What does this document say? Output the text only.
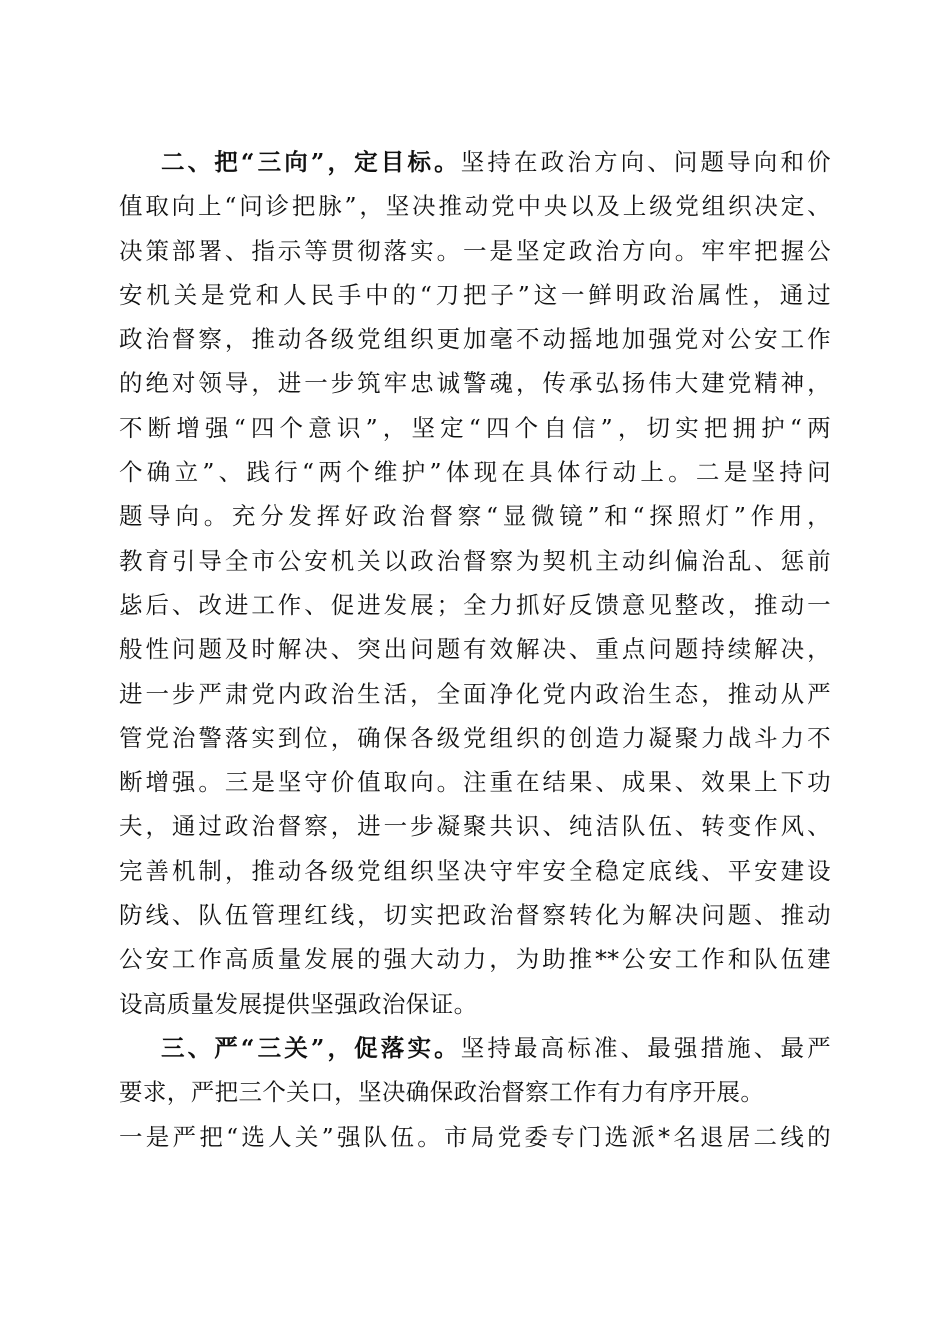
二、把“三向”，定目标。坚持在政治方向、问题导向和价
值取向上“问诊把脉”，坚决推动党中央以及上级党组织决定、
决策部署、指示等贯彻落实。一是坚定政治方向。牢牢把握公
安机关是党和人民手中的“刀把子”这一鲜明政治属性，通过
政治督察，推动各级党组织更加毫不动摇地加强党对公安工作
的绝对领导，进一步筑牢忠诚警魂，传承弘扬伟大建党精神，
不断增强“四个意识”，坚定“四个自信”，切实把拥护“两
个确立”、践行“两个维护”体现在具体行动上。二是坚持问
题导向。充分发挥好政治督察“显微镜”和“探照灯”作用，
教育引导全市公安机关以政治督察为契机主动纠偏治乱、惩前
毖后、改进工作、促进发展；全力抓好反馈意见整改，推动一
般性问题及时解决、突出问题有效解决、重点问题持续解决，
进一步严肃党内政治生活，全面净化党内政治生态，推动从严
管党治警落实到位，确保各级党组织的创造力凝聚力战斗力不
断增强。三是坚守价值取向。注重在结果、成果、效果上下功
夫，通过政治督察，进一步凝聚共识、纯洁队伍、转变作风、
完善机制，推动各级党组织坚决守牢安全稳定底线、平安建设
防线、队伍管理红线，切实把政治督察转化为解决问题、推动
公安工作高质量发展的强大动力，为助推**公安工作和队伍建
设高质量发展提供坚强政治保证。
三、严“三关”，促落实。坚持最高标准、最强措施、最严
要求，严把三个关口，坚决确保政治督察工作有力有序开展。
一是严把“选人关”强队伍。市局党委专门选派*名退居二线的
